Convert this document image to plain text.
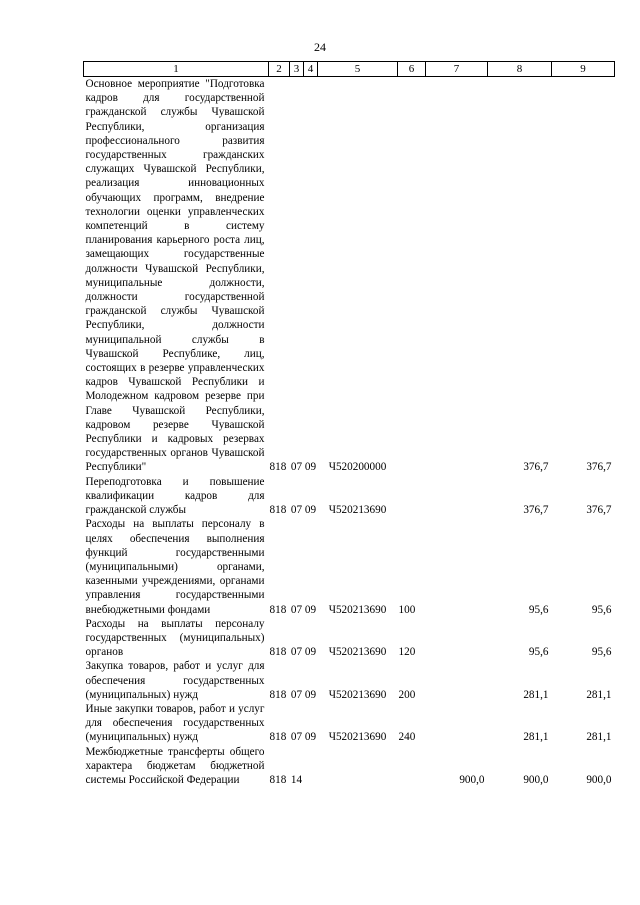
24
1	2	3	4	5	6	7	8	9
Основное мероприятие "Подготовка кадров для государственной гражданской службы Чувашской Республики, организация профессионального развития государственных гражданских служащих Чувашской Республики, реализация инновационных обучающих программ, внедрение технологии оценки управленческих компетенций в систему планирования карьерного роста лиц, замещающих государственные должности Чувашской Республики, муниципальные должности, должности государственной гражданской службы Чувашской Республики, должности муниципальной службы в Чувашской Республике, лиц, состоящих в резерве управленческих кадров Чувашской Республики и Молодежном кадровом резерве при Главе Чувашской Республики, кадровом резерве Чувашской Республики и кадровых резервах государственных органов Чувашской Республики"	818	07	09	Ч520200000			376,7	376,7
Переподготовка и повышение квалификации кадров для гражданской службы	818	07	09	Ч520213690			376,7	376,7
Расходы на выплаты персоналу в целях обеспечения выполнения функций государственными (муниципальными) органами, казенными учреждениями, органами управления государственными внебюджетными фондами	818	07	09	Ч520213690	100		95,6	95,6
Расходы на выплаты персоналу государственных (муниципальных) органов	818	07	09	Ч520213690	120		95,6	95,6
Закупка товаров, работ и услуг для обеспечения государственных (муниципальных) нужд	818	07	09	Ч520213690	200		281,1	281,1
Иные закупки товаров, работ и услуг для обеспечения государственных (муниципальных) нужд	818	07	09	Ч520213690	240		281,1	281,1
Межбюджетные трансферты общего характера бюджетам бюджетной системы Российской Федерации	818	14				900,0	900,0	900,0
